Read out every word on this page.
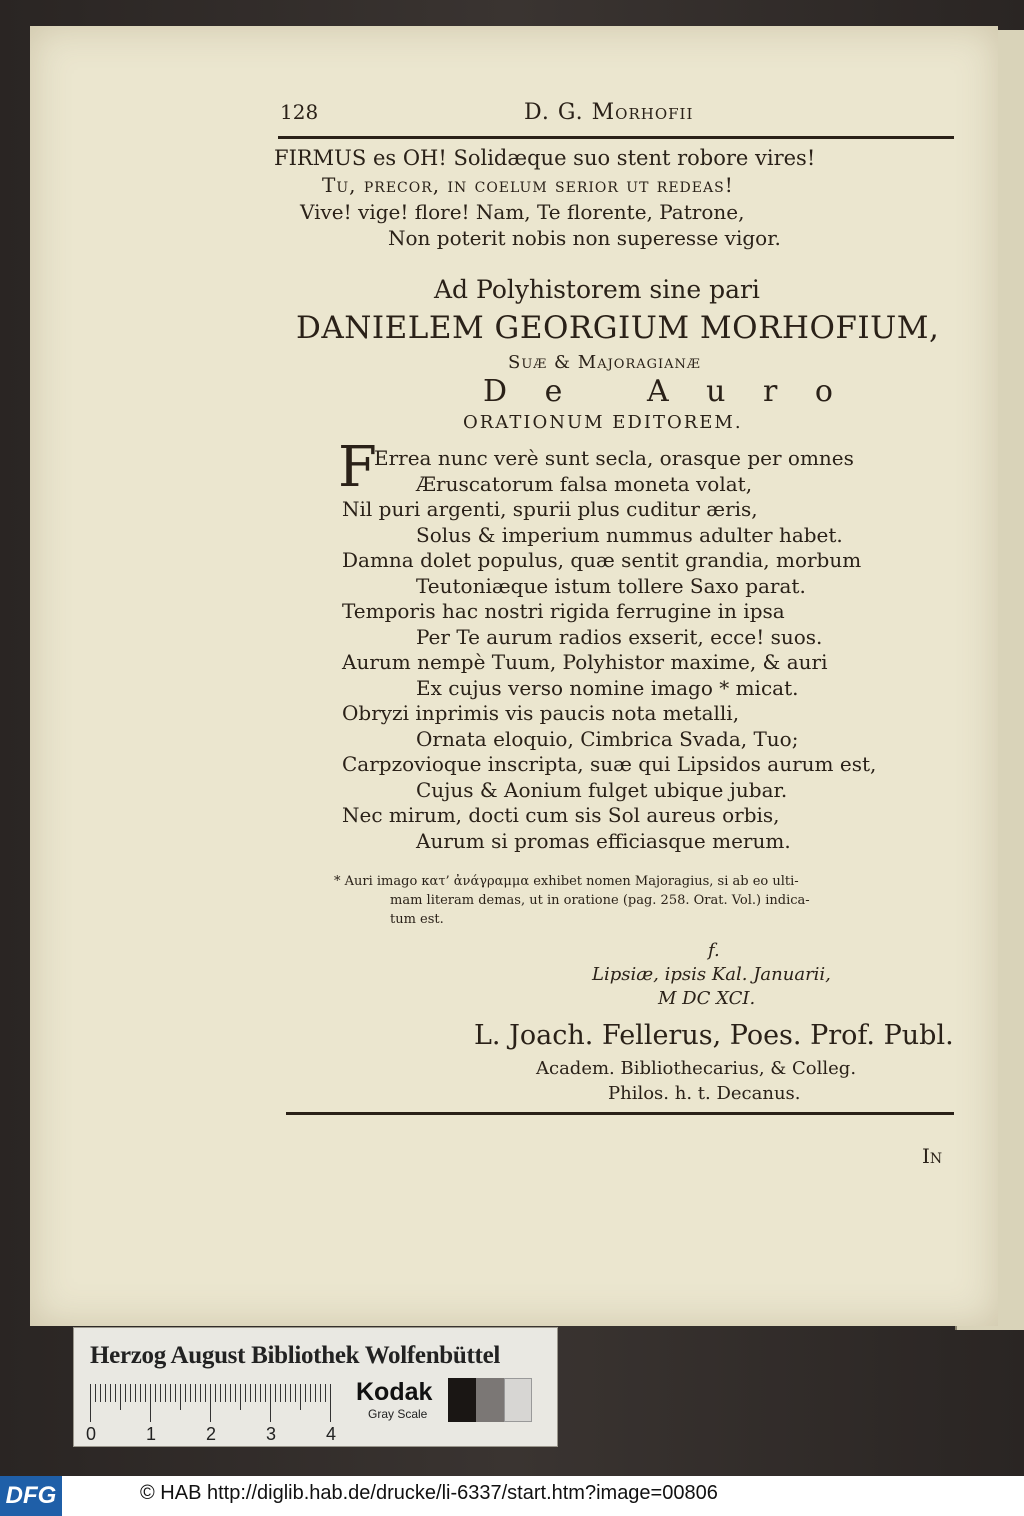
128	D. G. Morhofii
FIRMUS es OH! Solidæque suo stent robore vires!
Tu, precor, in coelum serior ut redeas!
Vive! vige! flore! Nam, Te florente, Patrone,
Non poterit nobis non superesse vigor.
Ad Polyhistorem sine pari
DANIELEM GEORGIUM MORHOFIUM,
Suæ & Majoragianæ
D e   A u r o
ORATIONUM EDITOREM.
F
Errea nunc verè sunt secla, orasque per omnes
Æruscatorum falsa moneta volat,
Nil puri argenti, spurii plus cuditur æris,
Solus & imperium nummus adulter habet.
Damna dolet populus, quæ sentit grandia, morbum
Teutoniæque istum tollere Saxo parat.
Temporis hac nostri rigida ferrugine in ipsa
Per Te aurum radios exserit, ecce! suos.
Aurum nempè Tuum, Polyhistor maxime, & auri
Ex cujus verso nomine imago * micat.
Obryzi inprimis vis paucis nota metalli,
Ornata eloquio, Cimbrica Svada, Tuo;
Carpzovioque inscripta, suæ qui Lipsidos aurum est,
Cujus & Aonium fulget ubique jubar.
Nec mirum, docti cum sis Sol aureus orbis,
Aurum si promas efficiasque merum.
* Auri imago κατ’ ἀνάγραμμα exhibet nomen Majoragius, si ab eo ulti-
mam literam demas, ut in oratione (pag. 258. Orat. Vol.) indica-
tum est.
f.
Lipsiæ, ipsis Kal. Januarii,
M DC XCI.
L. Joach. Fellerus, Poes. Prof. Publ.
Academ. Bibliothecarius, & Colleg.
Philos. h. t. Decanus.
In
Herzog August Bibliothek Wolfenbüttel
0	1	2	3	4
Kodak
Gray Scale
DFG	© HAB http://diglib.hab.de/drucke/li-6337/start.htm?image=00806
